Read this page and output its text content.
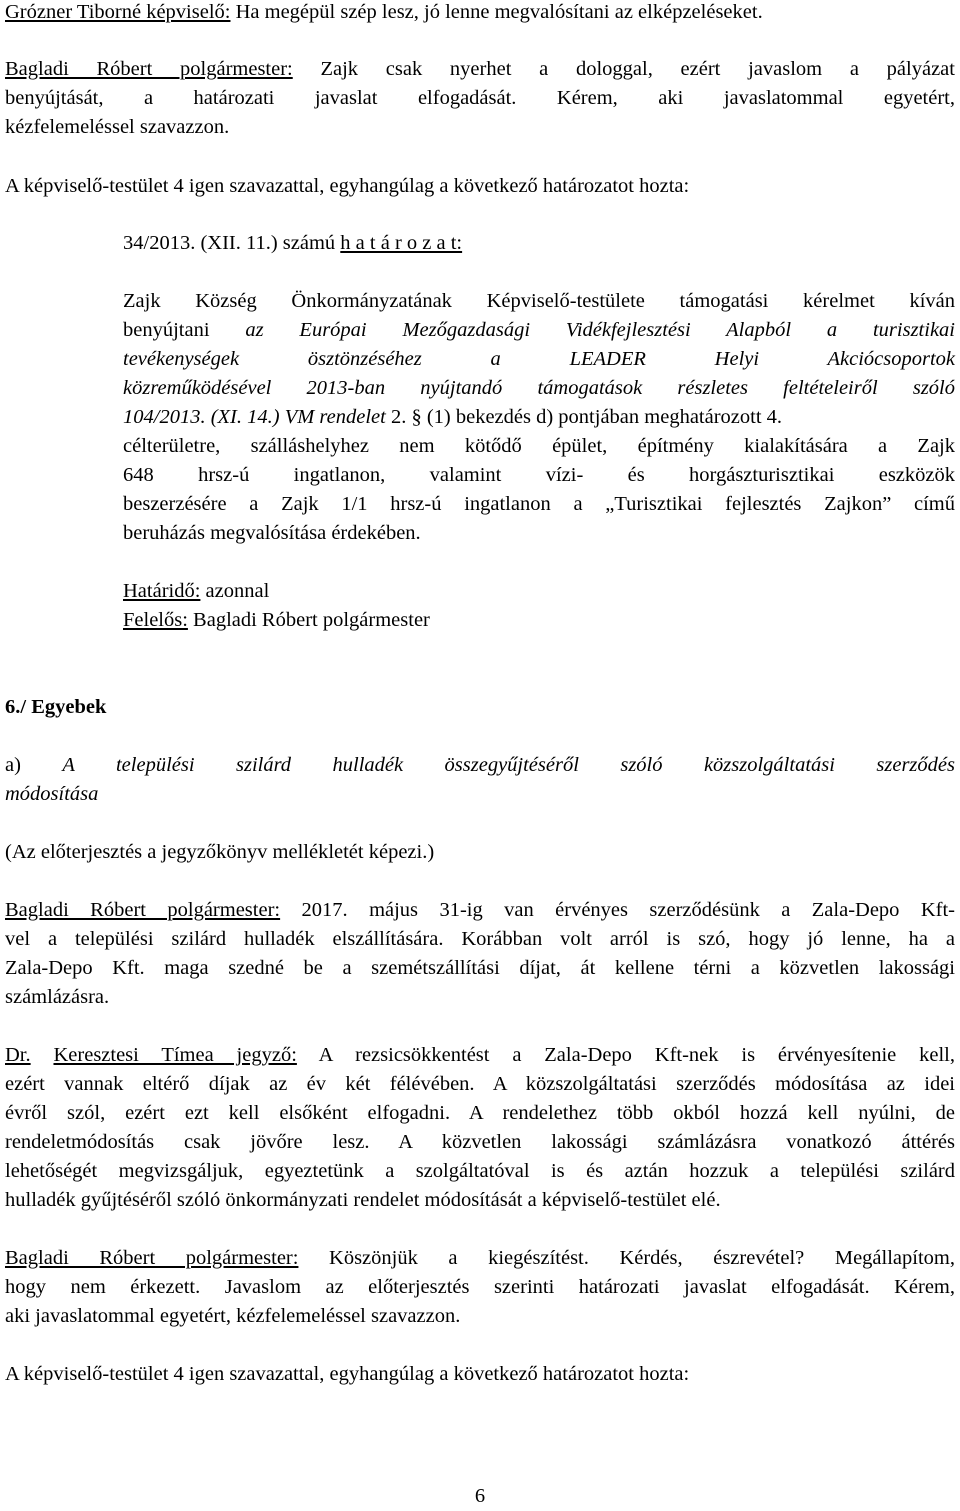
Grózner Tiborné képviselő: Ha megépül szép lesz, jó lenne megvalósítani az elképzeléseket.

Bagladi Róbert polgármester: Zajk csak nyerhet a dologgal, ezért javaslom a pályázat
benyújtását, a határozati javaslat elfogadását. Kérem, aki javaslatommal egyetért,
kézfelemeléssel szavazzon.

A képviselő-testület 4 igen szavazattal, egyhangúlag a következő határozatot hozta:

34/2013. (XII. 11.) számú h a t á r o z a t:

Zajk Község Önkormányzatának Képviselő-testülete támogatási kérelmet kíván
benyújtani az Európai Mezőgazdasági Vidékfejlesztési Alapból a turisztikai
tevékenységek ösztönzéséhez a LEADER Helyi Akciócsoportok
közreműködésével 2013-ban nyújtandó támogatások részletes feltételeiről szóló
104/2013. (XI. 14.) VM rendelet 2. § (1) bekezdés d) pontjában meghatározott 4.
célterületre, szálláshelyhez nem kötődő épület, építmény kialakítására a Zajk
648 hrsz-ú ingatlanon, valamint vízi- és horgászturisztikai eszközök
beszerzésére a Zajk 1/1 hrsz-ú ingatlanon a „Turisztikai fejlesztés Zajkon” című
beruházás megvalósítása érdekében.

Határidő: azonnal
Felelős: Bagladi Róbert polgármester

6./ Egyebek

a) A települési szilárd hulladék összegyűjtéséről szóló közszolgáltatási szerződés
módosítása

(Az előterjesztés a jegyzőkönyv mellékletét képezi.)

Bagladi Róbert polgármester: 2017. május 31-ig van érvényes szerződésünk a Zala-Depo Kft-
vel a települési szilárd hulladék elszállítására. Korábban volt arról is szó, hogy jó lenne, ha a
Zala-Depo Kft. maga szedné be a szemétszállítási díjat, át kellene térni a közvetlen lakossági
számlázásra.

Dr. Keresztesi Tímea jegyző: A rezsicsökkentést a Zala-Depo Kft-nek is érvényesítenie kell,
ezért vannak eltérő díjak az év két félévében. A közszolgáltatási szerződés módosítása az idei
évről szól, ezért ezt kell elsőként elfogadni. A rendelethez több okból hozzá kell nyúlni, de
rendeletmódosítás csak jövőre lesz. A közvetlen lakossági számlázásra vonatkozó áttérés
lehetőségét megvizsgáljuk, egyeztetünk a szolgáltatóval is és aztán hozzuk a települési szilárd
hulladék gyűjtéséről szóló önkormányzati rendelet módosítását a képviselő-testület elé.

Bagladi Róbert polgármester: Köszönjük a kiegészítést. Kérdés, észrevétel? Megállapítom,
hogy nem érkezett. Javaslom az előterjesztés szerinti határozati javaslat elfogadását. Kérem,
aki javaslatommal egyetért, kézfelemeléssel szavazzon.

A képviselő-testület 4 igen szavazattal, egyhangúlag a következő határozatot hozta:

6
